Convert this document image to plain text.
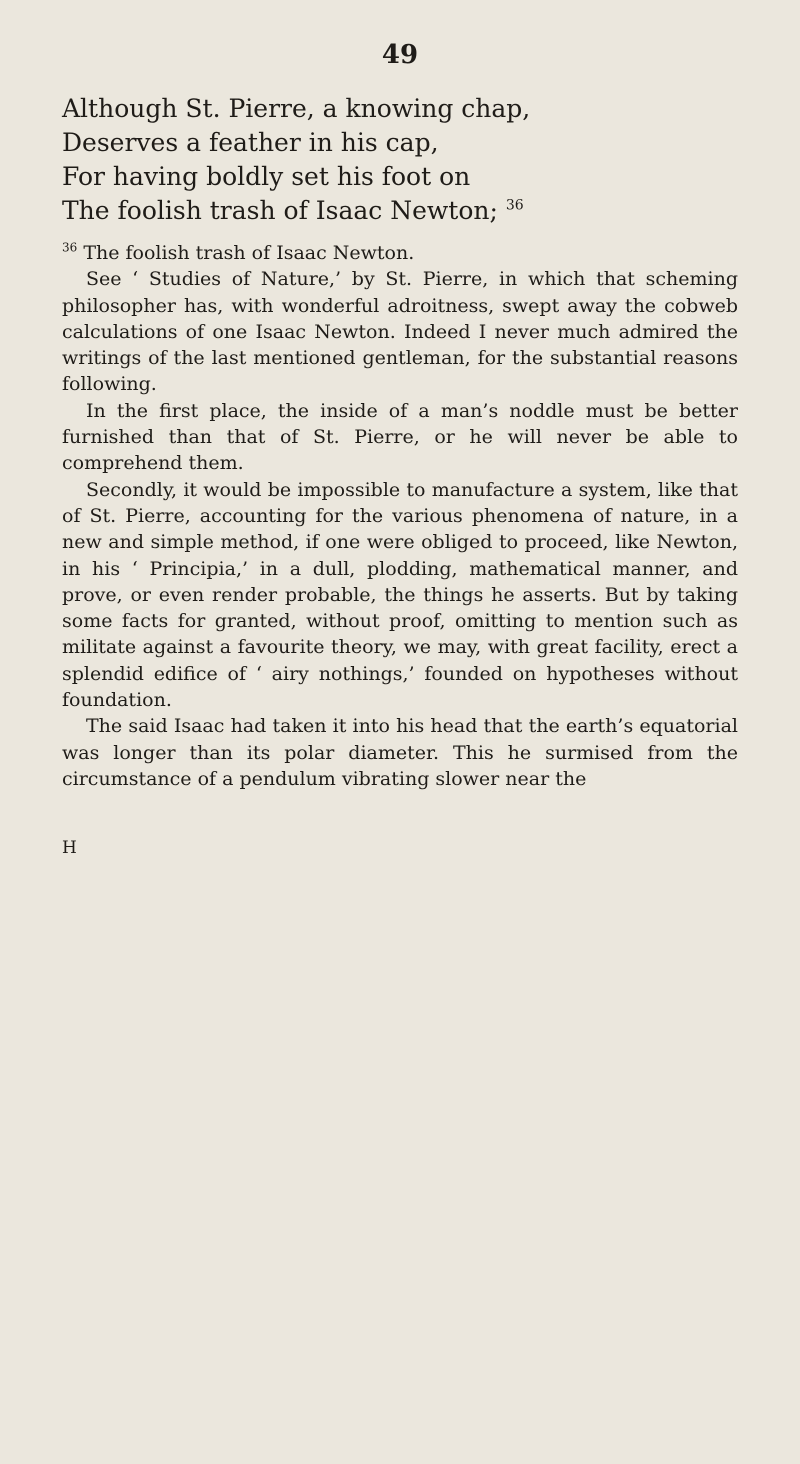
49
Although St. Pierre, a knowing chap,
Deserves a feather in his cap,
For having boldly set his foot on
The foolish trash of Isaac Newton; $^{36}$

$^{36}$ The foolish trash of Isaac Newton.

See ‘ Studies of Nature,’ by St. Pierre, in which that scheming philosopher has, with wonderful adroitness, swept away the cobweb calculations of one Isaac Newton. Indeed I never much admired the writings of the last mentioned gentleman, for the substantial reasons following.

In the first place, the inside of a man’s noddle must be better furnished than that of St. Pierre, or he will never be able to comprehend them.

Secondly, it would be impossible to manufacture a system, like that of St. Pierre, accounting for the various phenomena of nature, in a new and simple method, if one were obliged to proceed, like Newton, in his ‘ Principia,’ in a dull, plodding, mathematical manner, and prove, or even render probable, the things he asserts. But by taking some facts for granted, without proof, omitting to mention such as militate against a favourite theory, we may, with great facility, erect a splendid edifice of ‘ airy nothings,’ founded on hypotheses without foundation.

The said Isaac had taken it into his head that the earth’s equatorial was longer than its polar diameter. This he surmised from the circumstance of a pendulum vibrating slower near the

H
